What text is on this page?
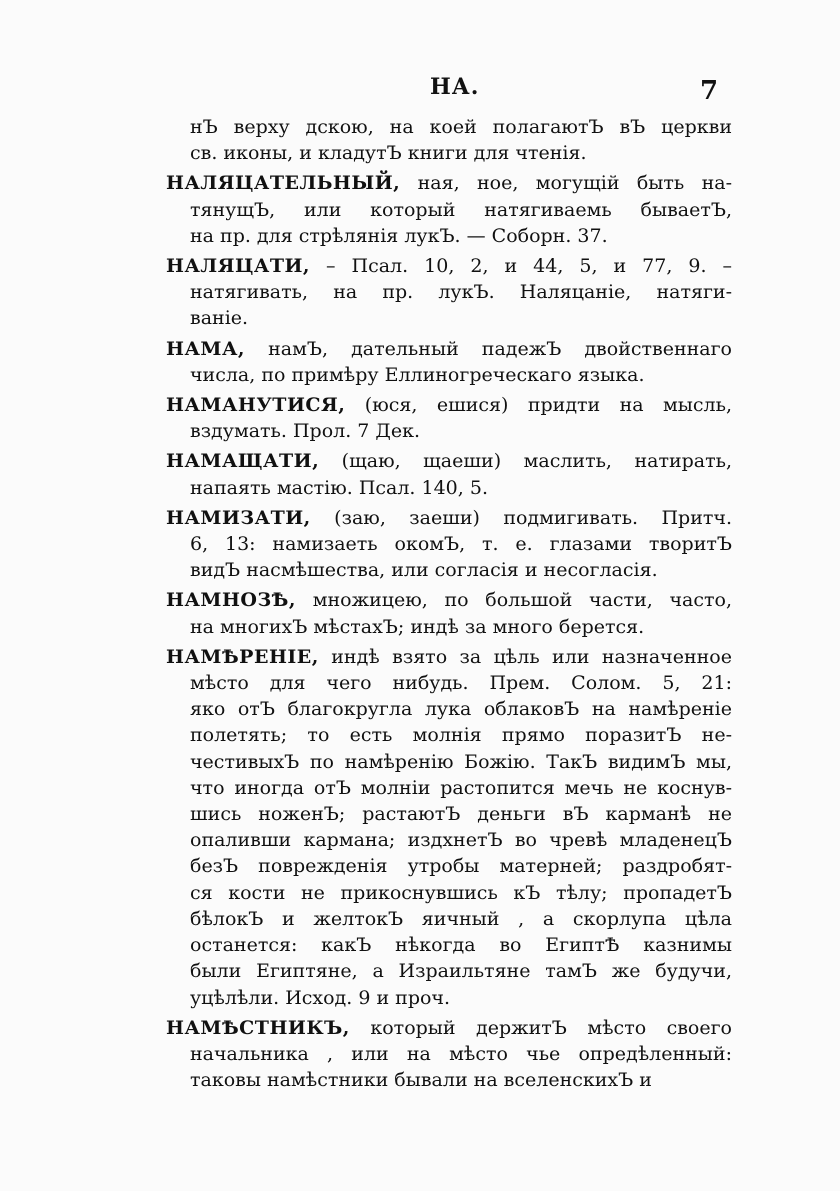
НА.	7
нЪ верху дскою, на коей полагаютЪ вЪ церкви
св. иконы, и кладутЪ книги для чтенія.
НАЛЯЦАТЕЛЬНЫЙ, ная, ное, могущій быть на-
тянущЪ, или который натягиваемь бываетЪ,
на пр. для стрѣлянія лукЪ. — Соборн. 37.
НАЛЯЦАТИ, – Псал. 10, 2, и 44, 5, и 77, 9. –
натягивать, на пр. лукЪ. Наляцаніе, натяги-
ваніе.
НАМА, намЪ, дательный падежЪ двойственнаго
числа, по примѣру Еллиногреческаго языка.
НАМАНУТИСЯ, (юся, ешися) придти на мысль,
вздумать. Прол. 7 Дек.
НАМАЩАТИ, (щаю, щаеши) маслить, натирать,
напаять мастію. Псал. 140, 5.
НАМИЗАТИ, (заю, заеши) подмигивать. Притч.
6, 13: намизаеть окомЪ, т. е. глазами творитЪ
видЪ насмѣшества, или согласія и несогласія.
НАМНОЗѢ, множицею, по большой части, часто,
на многихЪ мѣстахЪ; индѣ за много берется.
НАМѢРЕНІЕ, индѣ взято за цѣль или назначенное
мѣсто для чего нибудь. Прем. Солом. 5, 21:
яко отЪ благокругла лука облаковЪ на намѣреніе
полетять; то есть молнія прямо поразитЪ не-
честивыхЪ по намѣренію Божію. ТакЪ видимЪ мы,
что иногда отЪ молніи растопится мечь не коснув-
шись ноженЪ; растаютЪ деньги вЪ карманѣ не
опаливши кармана; издхнетЪ во чревѣ младенецЪ
безЪ поврежденія утробы матерней; раздробят-
ся кости не прикоснувшись кЪ тѣлу; пропадетЪ
бѣлокЪ и желтокЪ яичный , а скорлупа цѣла
останется: какЪ нѣкогда во ЕгиптѢ казнимы
были Египтяне, а Израильтяне тамЪ же будучи,
уцѣлѣли. Исход. 9 и проч.
НАМѢСТНИКЪ, который держитЪ мѣсто своего
начальника , или на мѣсто чье опредѣленный:
таковы намѣстники бывали на вселенскихЪ и
